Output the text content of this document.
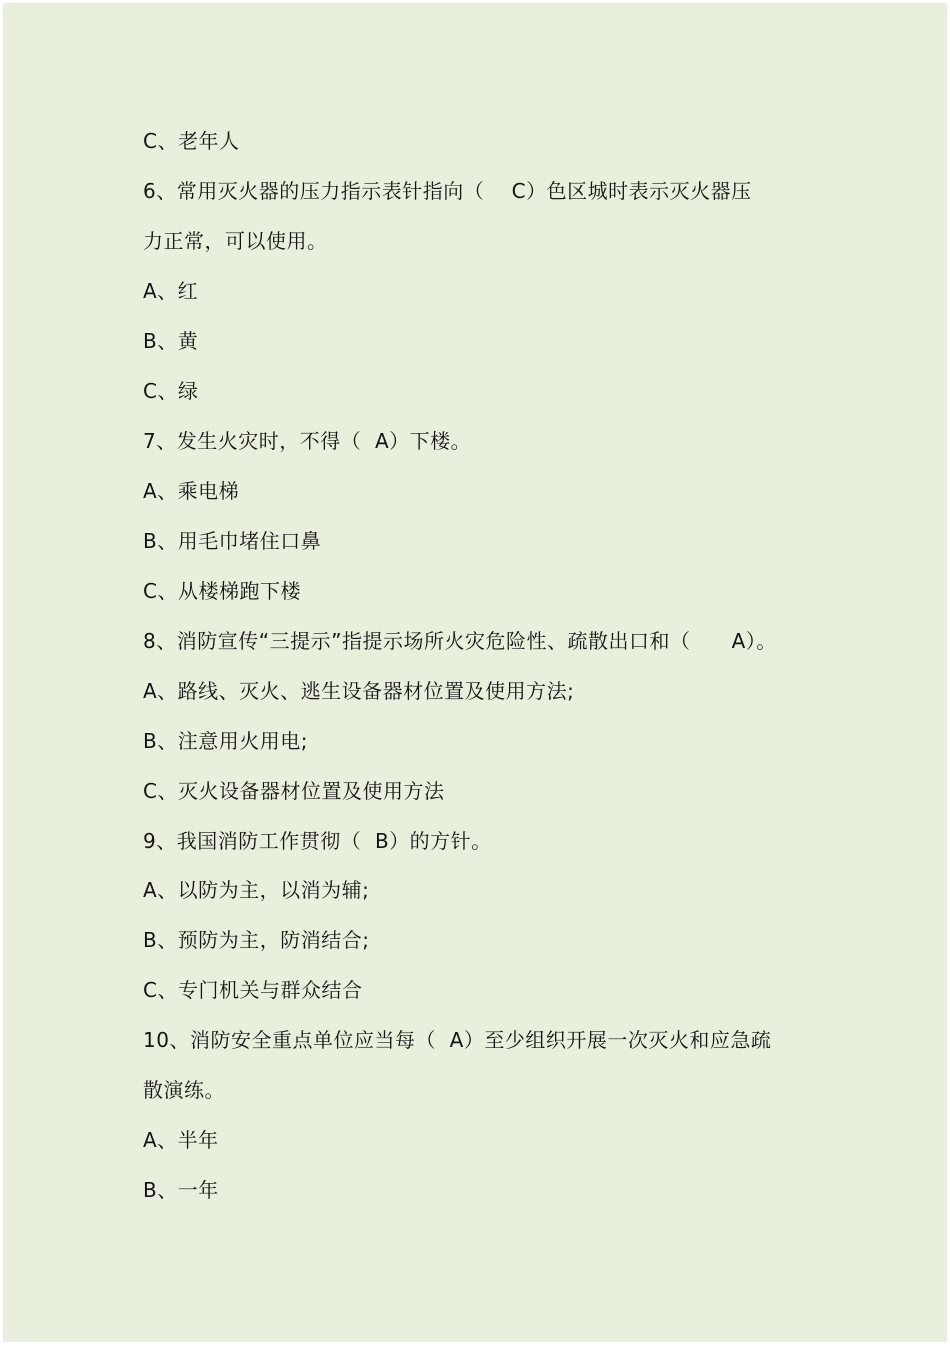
C、老年人
6、常用灭火器的压力指示表针指向（    C）色区城时表示灭火器压
力正常，可以使用。
A、红
B、黄
C、绿
7、发生火灾时，不得（  A）下楼。
A、乘电梯
B、用毛巾堵住口鼻
C、从楼梯跑下楼
8、消防宣传“三提示”指提示场所火灾危险性、疏散出口和（      A）。
A、路线、灭火、逃生设备器材位置及使用方法;
B、注意用火用电;
C、灭火设备器材位置及使用方法
9、我国消防工作贯彻（  B）的方针。
A、以防为主，以消为辅;
B、预防为主，防消结合;
C、专门机关与群众结合
10、消防安全重点单位应当每（  A）至少组织开展一次灭火和应急疏
散演练。
A、半年
B、一年
